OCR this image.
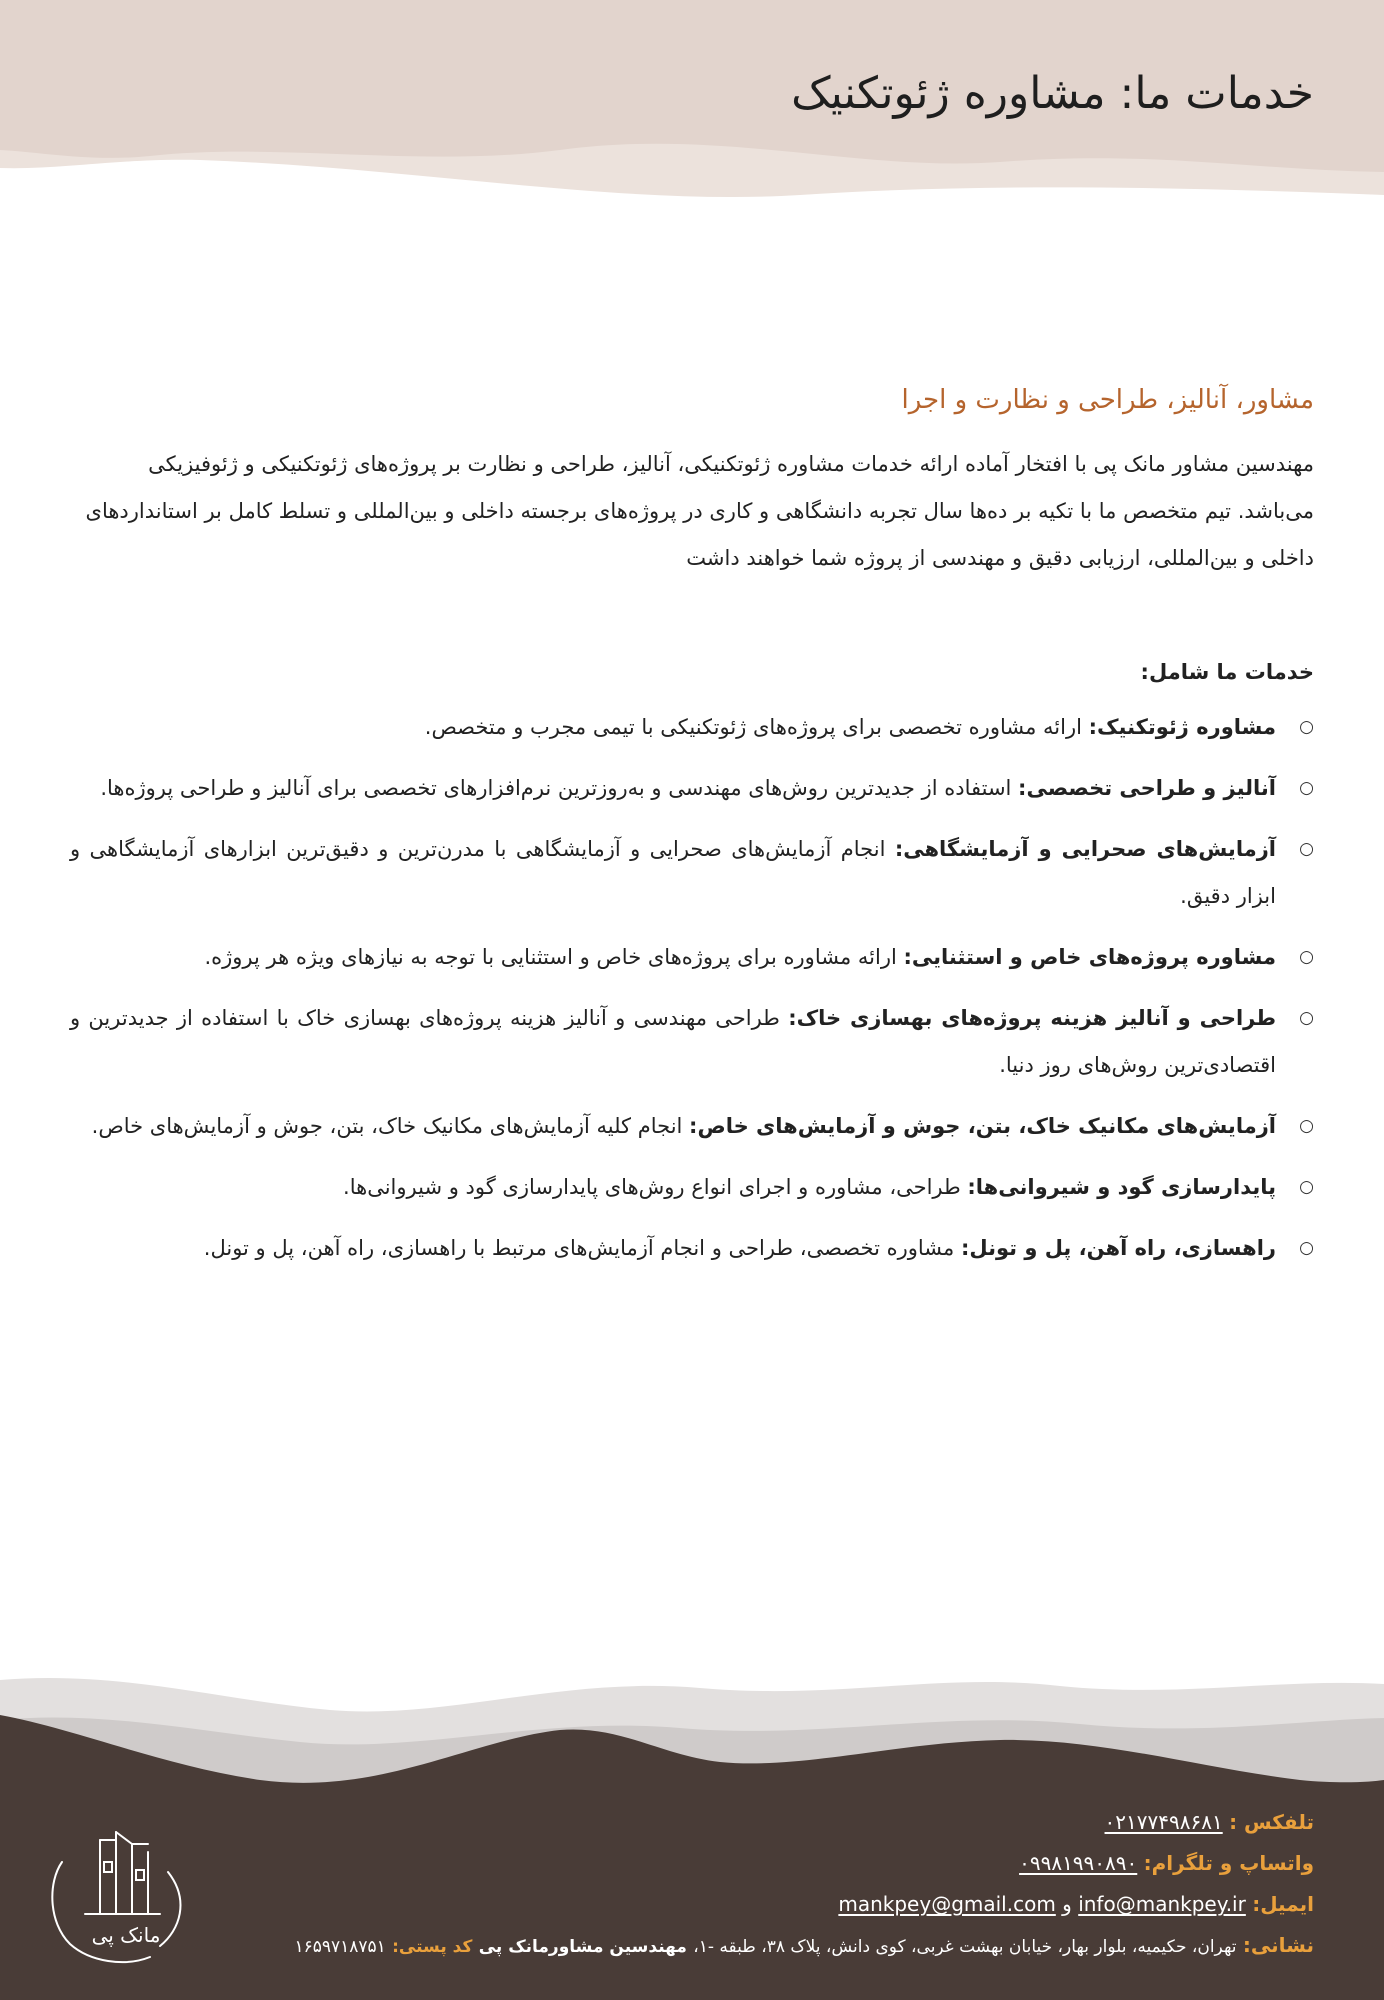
خدمات ما: مشاوره ژئوتکنیک
مشاور، آنالیز، طراحی و نظارت و اجرا

مهندسین مشاور مانک پی با افتخار آماده ارائه خدمات مشاوره ژئوتکنیکی، آنالیز، طراحی و نظارت بر پروژه‌های ژئوتکنیکی و ژئوفیزیکی می‌باشد. تیم متخصص ما با تکیه بر ده‌ها سال تجربه دانشگاهی و کاری در پروژه‌های برجسته داخلی و بین‌المللی و تسلط کامل بر استانداردهای داخلی و بین‌المللی، ارزیابی دقیق و مهندسی از پروژه شما خواهند داشت

خدمات ما شامل:
○
مشاوره ژئوتکنیک: ارائه مشاوره تخصصی برای پروژه‌های ژئوتکنیکی با تیمی مجرب و متخصص.
○
آنالیز و طراحی تخصصی: استفاده از جدیدترین روش‌های مهندسی و به‌روزترین نرم‌افزارهای تخصصی برای آنالیز و طراحی پروژه‌ها.
○
آزمایش‌های صحرایی و آزمایشگاهی: انجام آزمایش‌های صحرایی و آزمایشگاهی با مدرن‌ترین و دقیق‌ترین ابزارهای آزمایشگاهی و ابزار دقیق.
○
مشاوره پروژه‌های خاص و استثنایی: ارائه مشاوره برای پروژه‌های خاص و استثنایی با توجه به نیازهای ویژه هر پروژه.
○
طراحی و آنالیز هزینه پروژه‌های بهسازی خاک: طراحی مهندسی و آنالیز هزینه پروژه‌های بهسازی خاک با استفاده از جدیدترین و اقتصادی‌ترین روش‌های روز دنیا.
○
آزمایش‌های مکانیک خاک، بتن، جوش و آزمایش‌های خاص: انجام کلیه آزمایش‌های مکانیک خاک، بتن، جوش و آزمایش‌های خاص.
○
پایدارسازی گود و شیروانی‌ها: طراحی، مشاوره و اجرای انواع روش‌های پایدارسازی گود و شیروانی‌ها.
○
راهسازی، راه آهن، پل و تونل: مشاوره تخصصی، طراحی و انجام آزمایش‌های مرتبط با راهسازی، راه آهن، پل و تونل.
مانک پی
تلفکس : ۰۲۱۷۷۴۹۸۶۸۱
واتساپ و تلگرام: ۰۹۹۸۱۹۹۰۸۹۰
ایمیل: info@mankpey.ir و mankpey@gmail.com
نشانی: تهران، حکیمیه، بلوار بهار، خیابان بهشت غربی، کوی دانش، پلاک ۳۸، طبقه -۱، مهندسین مشاورمانک پی کد پستی: ۱۶۵۹۷۱۸۷۵۱
